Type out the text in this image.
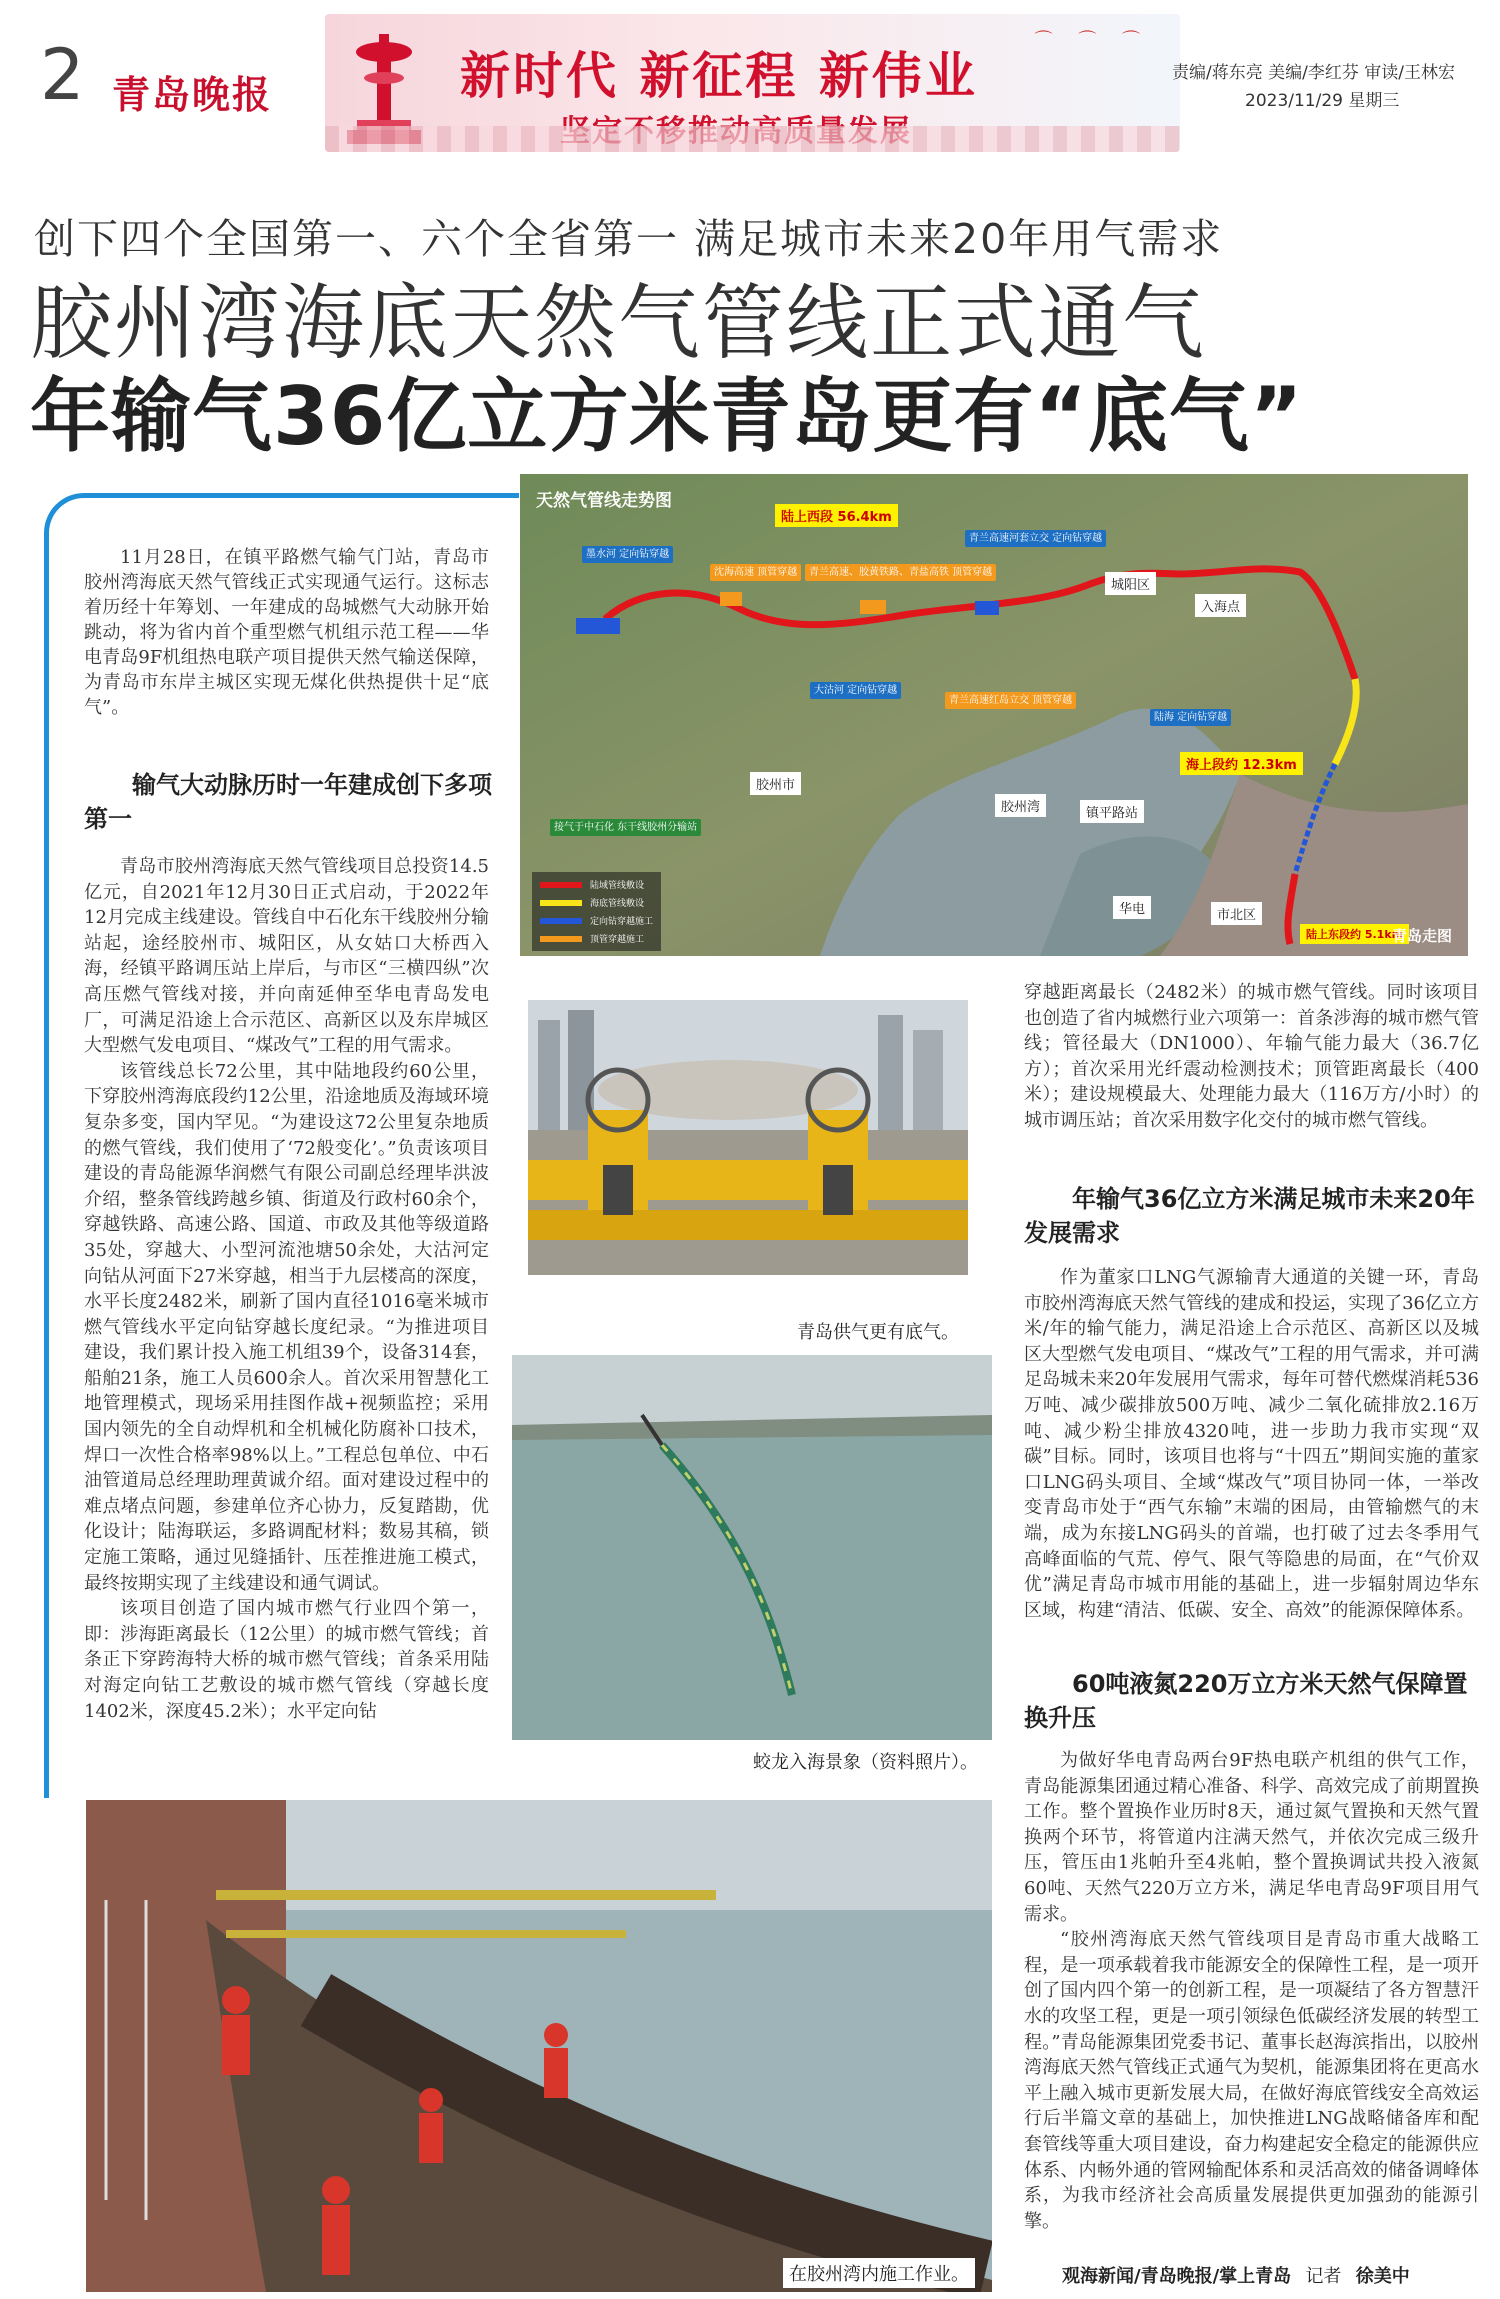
2 青岛晚报
⌒ ⌒ ⌒
新时代 新征程 新伟业	责编/蒋东亮 美编/李红芬 审读/王林宏
2023/11/29 星期三
创下四个全国第一、六个全省第一 满足城市未来20年用气需求
胶州湾海底天然气管线正式通气
年输气36亿立方米青岛更有“底气”

11月28日，在镇平路燃气输气门站，青岛市胶州湾海底天然气管线正式实现通气运行。这标志着历经十年筹划、一年建成的岛城燃气大动脉开始跳动，将为省内首个重型燃气机组示范工程——华电青岛9F机组热电联产项目提供天然气输送保障，为青岛市东岸主城区实现无煤化供热提供十足“底气”。

输气大动脉历时一年建成创下多项第一

青岛市胶州湾海底天然气管线项目总投资14.5亿元，自2021年12月30日正式启动，于2022年12月完成主线建设。管线自中石化东干线胶州分输站起，途经胶州市、城阳区，从女姑口大桥西入海，经镇平路调压站上岸后，与市区“三横四纵”次高压燃气管线对接，并向南延伸至华电青岛发电厂，可满足沿途上合示范区、高新区以及东岸城区大型燃气发电项目、“煤改气”工程的用气需求。

该管线总长72公里，其中陆地段约60公里，下穿胶州湾海底段约12公里，沿途地质及海域环境复杂多变，国内罕见。“为建设这72公里复杂地质的燃气管线，我们使用了‘72般变化’。”负责该项目建设的青岛能源华润燃气有限公司副总经理毕洪波介绍，整条管线跨越乡镇、街道及行政村60余个，穿越铁路、高速公路、国道、市政及其他等级道路35处，穿越大、小型河流池塘50余处，大沽河定向钻从河面下27米穿越，相当于九层楼高的深度，水平长度2482米，刷新了国内直径1016毫米城市燃气管线水平定向钻穿越长度纪录。“为推进项目建设，我们累计投入施工机组39个，设备314套，船舶21条，施工人员600余人。首次采用智慧化工地管理模式，现场采用挂图作战+视频监控；采用国内领先的全自动焊机和全机械化防腐补口技术，焊口一次性合格率98%以上。”工程总包单位、中石油管道局总经理助理黄诚介绍。面对建设过程中的难点堵点问题，参建单位齐心协力，反复踏勘，优化设计；陆海联运，多路调配材料；数易其稿，锁定施工策略，通过见缝插针、压茬推进施工模式，最终按期实现了主线建设和通气调试。

该项目创造了国内城市燃气行业四个第一，即：涉海距离最长（12公里）的城市燃气管线；首条正下穿跨海特大桥的城市燃气管线；首条采用陆对海定向钻工艺敷设的城市燃气管线（穿越长度1402米，深度45.2米）；水平定向钻

天然气管线走势图
陆上西段 56.4km
海上段约 12.3km
陆上东段约 5.1km
城阳区
胶州市
胶州湾	镇平路站
入海点
华电	市北区
墨水河 定向钻穿越
沈海高速 顶管穿越	青兰高速、胶黄铁路、青盐高铁 顶管穿越
青兰高速河套立交 定向钻穿越
大沽河 定向钻穿越
青兰高速红岛立交 顶管穿越
陆海 定向钻穿越
接气于中石化 东干线胶州分输站
陆域管线敷设
海底管线敷设
定向钻穿越施工
顶管穿越施工	青岛走图
青岛供气更有底气。
蛟龙入海景象（资料照片）。
在胶州湾内施工作业。

穿越距离最长（2482米）的城市燃气管线。同时该项目也创造了省内城燃行业六项第一：首条涉海的城市燃气管线；管径最大（DN1000）、年输气能力最大（36.7亿方）；首次采用光纤震动检测技术；顶管距离最长（400米）；建设规模最大、处理能力最大（116万方/小时）的城市调压站；首次采用数字化交付的城市燃气管线。

年输气36亿立方米满足城市未来20年发展需求

作为董家口LNG气源输青大通道的关键一环，青岛市胶州湾海底天然气管线的建成和投运，实现了36亿立方米/年的输气能力，满足沿途上合示范区、高新区以及城区大型燃气发电项目、“煤改气”工程的用气需求，并可满足岛城未来20年发展用气需求，每年可替代燃煤消耗536万吨、减少碳排放500万吨、减少二氧化硫排放2.16万吨、减少粉尘排放4320吨，进一步助力我市实现“双碳”目标。同时，该项目也将与“十四五”期间实施的董家口LNG码头项目、全域“煤改气”项目协同一体，一举改变青岛市处于“西气东输”末端的困局，由管输燃气的末端，成为东接LNG码头的首端，也打破了过去冬季用气高峰面临的气荒、停气、限气等隐患的局面，在“气价双优”满足青岛市城市用能的基础上，进一步辐射周边华东区域，构建“清洁、低碳、安全、高效”的能源保障体系。

60吨液氮220万立方米天然气保障置换升压

为做好华电青岛两台9F热电联产机组的供气工作，青岛能源集团通过精心准备、科学、高效完成了前期置换工作。整个置换作业历时8天，通过氮气置换和天然气置换两个环节，将管道内注满天然气，并依次完成三级升压，管压由1兆帕升至4兆帕，整个置换调试共投入液氮60吨、天然气220万立方米，满足华电青岛9F项目用气需求。

“胶州湾海底天然气管线项目是青岛市重大战略工程，是一项承载着我市能源安全的保障性工程，是一项开创了国内四个第一的创新工程，是一项凝结了各方智慧汗水的攻坚工程，更是一项引领绿色低碳经济发展的转型工程。”青岛能源集团党委书记、董事长赵海滨指出，以胶州湾海底天然气管线正式通气为契机，能源集团将在更高水平上融入城市更新发展大局，在做好海底管线安全高效运行后半篇文章的基础上，加快推进LNG战略储备库和配套管线等重大项目建设，奋力构建起安全稳定的能源供应体系、内畅外通的管网输配体系和灵活高效的储备调峰体系，为我市经济社会高质量发展提供更加强劲的能源引擎。

观海新闻/青岛晚报/掌上青岛 记者 徐美中
